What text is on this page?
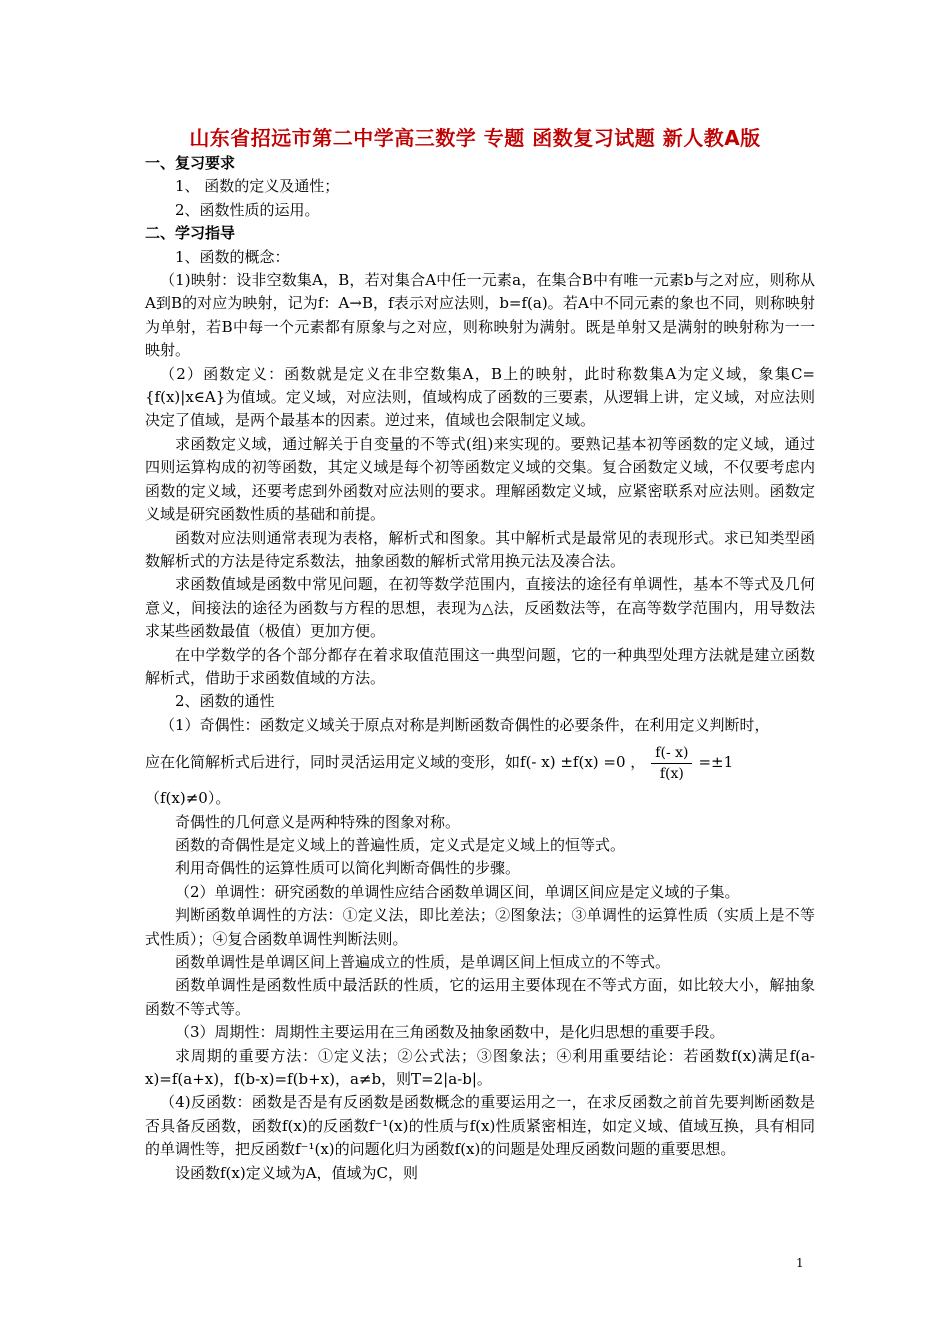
山东省招远市第二中学高三数学 专题 函数复习试题 新人教A版

一、复习要求

1、 函数的定义及通性；

2、函数性质的运用。

二、学习指导

1、函数的概念：

（1)映射：设非空数集A，B，若对集合A中任一元素a，在集合B中有唯一元素b与之对应，则称从A到B的对应为映射，记为f：A→B，f表示对应法则，b=f(a)。若A中不同元素的象也不同，则称映射为单射，若B中每一个元素都有原象与之对应，则称映射为满射。既是单射又是满射的映射称为一一映射。

（2）函数定义：函数就是定义在非空数集A，B上的映射，此时称数集A为定义域，象集C={f(x)|x∈A}为值域。定义域，对应法则，值域构成了函数的三要素，从逻辑上讲，定义域，对应法则决定了值域，是两个最基本的因素。逆过来，值域也会限制定义域。

求函数定义域，通过解关于自变量的不等式(组)来实现的。要熟记基本初等函数的定义域，通过四则运算构成的初等函数，其定义域是每个初等函数定义域的交集。复合函数定义域，不仅要考虑内函数的定义域，还要考虑到外函数对应法则的要求。理解函数定义域，应紧密联系对应法则。函数定义域是研究函数性质的基础和前提。

函数对应法则通常表现为表格，解析式和图象。其中解析式是最常见的表现形式。求已知类型函数解析式的方法是待定系数法，抽象函数的解析式常用换元法及凑合法。

求函数值域是函数中常见问题，在初等数学范围内，直接法的途径有单调性，基本不等式及几何意义，间接法的途径为函数与方程的思想，表现为△法，反函数法等，在高等数学范围内，用导数法求某些函数最值（极值）更加方便。

在中学数学的各个部分都存在着求取值范围这一典型问题，它的一种典型处理方法就是建立函数解析式，借助于求函数值域的方法。

2、函数的通性

（1）奇偶性：函数定义域关于原点对称是判断函数奇偶性的必要条件，在利用定义判断时，

应在化简解析式后进行，同时灵活运用定义域的变形， 如 f(- x) ±f(x) =0 ， $\frac{f(- x)}{f(x)} =\pm 1$

（f(x)≠0）。

奇偶性的几何意义是两种特殊的图象对称。

函数的奇偶性是定义域上的普遍性质，定义式是定义域上的恒等式。

利用奇偶性的运算性质可以简化判断奇偶性的步骤。

（2）单调性：研究函数的单调性应结合函数单调区间，单调区间应是定义域的子集。

判断函数单调性的方法：①定义法，即比差法；②图象法；③单调性的运算性质（实质上是不等式性质）；④复合函数单调性判断法则。

函数单调性是单调区间上普遍成立的性质，是单调区间上恒成立的不等式。

函数单调性是函数性质中最活跃的性质，它的运用主要体现在不等式方面，如比较大小，解抽象函数不等式等。

（3）周期性：周期性主要运用在三角函数及抽象函数中，是化归思想的重要手段。

求周期的重要方法：①定义法；②公式法；③图象法；④利用重要结论：若函数f(x)满足f(a-x)=f(a+x)，f(b-x)=f(b+x)，a≠b，则T=2|a-b|。

（4)反函数：函数是否是有反函数是函数概念的重要运用之一，在求反函数之前首先要判断函数是否具备反函数，函数f(x)的反函数f⁻¹(x)的性质与f(x)性质紧密相连，如定义域、值域互换，具有相同的单调性等，把反函数f⁻¹(x)的问题化归为函数f(x)的问题是处理反函数问题的重要思想。

设函数f(x)定义域为A，值域为C，则

1
